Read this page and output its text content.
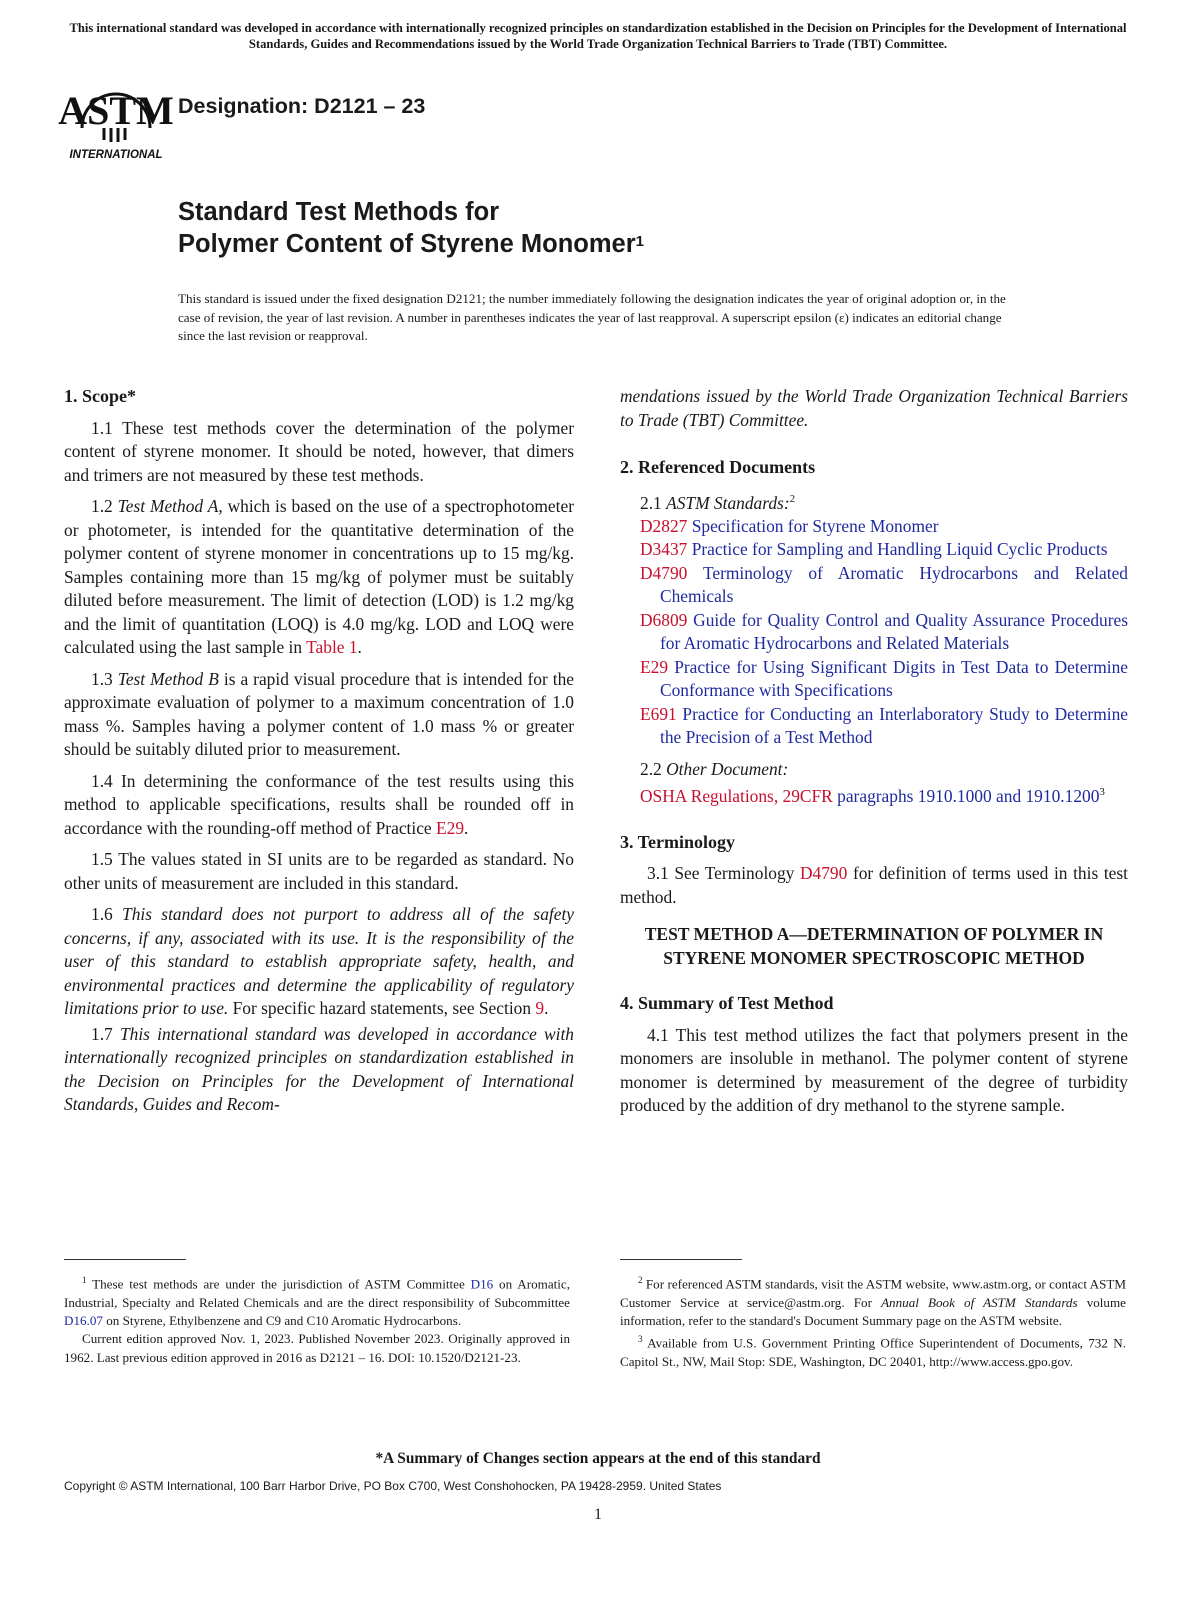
This international standard was developed in accordance with internationally recognized principles on standardization established in the Decision on Principles for the Development of International Standards, Guides and Recommendations issued by the World Trade Organization Technical Barriers to Trade (TBT) Committee.
ASTM
INTERNATIONAL
Designation: D2121 – 23
Standard Test Methods for
Polymer Content of Styrene Monomer$^1$
This standard is issued under the fixed designation D2121; the number immediately following the designation indicates the year of original adoption or, in the case of revision, the year of last revision. A number in parentheses indicates the year of last reapproval. A superscript epsilon (ε) indicates an editorial change since the last revision or reapproval.

1. Scope*

1.1 These test methods cover the determination of the polymer content of styrene monomer. It should be noted, however, that dimers and trimers are not measured by these test methods.

1.2 Test Method A, which is based on the use of a spectrophotometer or photometer, is intended for the quantitative determination of the polymer content of styrene monomer in concentrations up to 15 mg/kg. Samples containing more than 15 mg/kg of polymer must be suitably diluted before measurement. The limit of detection (LOD) is 1.2 mg/kg and the limit of quantitation (LOQ) is 4.0 mg/kg. LOD and LOQ were calculated using the last sample in Table 1.

1.3 Test Method B is a rapid visual procedure that is intended for the approximate evaluation of polymer to a maximum concentration of 1.0 mass %. Samples having a polymer content of 1.0 mass % or greater should be suitably diluted prior to measurement.

1.4 In determining the conformance of the test results using this method to applicable specifications, results shall be rounded off in accordance with the rounding-off method of Practice E29.

1.5 The values stated in SI units are to be regarded as standard. No other units of measurement are included in this standard.

1.6 This standard does not purport to address all of the safety concerns, if any, associated with its use. It is the responsibility of the user of this standard to establish appropriate safety, health, and environmental practices and determine the applicability of regulatory limitations prior to use. For specific hazard statements, see Section 9.

1.7 This international standard was developed in accordance with internationally recognized principles on standardization established in the Decision on Principles for the Development of International Standards, Guides and Recom-

mendations issued by the World Trade Organization Technical Barriers to Trade (TBT) Committee.

2. Referenced Documents

2.1 ASTM Standards:$^2$

D2827 Specification for Styrene Monomer

D3437 Practice for Sampling and Handling Liquid Cyclic Products

D4790 Terminology of Aromatic Hydrocarbons and Related Chemicals

D6809 Guide for Quality Control and Quality Assurance Procedures for Aromatic Hydrocarbons and Related Materials

E29 Practice for Using Significant Digits in Test Data to Determine Conformance with Specifications

E691 Practice for Conducting an Interlaboratory Study to Determine the Precision of a Test Method

2.2 Other Document:

OSHA Regulations, 29CFR paragraphs 1910.1000 and 1910.1200$^3$

3. Terminology

3.1 See Terminology D4790 for definition of terms used in this test method.

TEST METHOD A—DETERMINATION OF POLYMER IN STYRENE MONOMER SPECTROSCOPIC METHOD

4. Summary of Test Method

4.1 This test method utilizes the fact that polymers present in the monomers are insoluble in methanol. The polymer content of styrene monomer is determined by measurement of the degree of turbidity produced by the addition of dry methanol to the styrene sample.

$^1$ These test methods are under the jurisdiction of ASTM Committee D16 on Aromatic, Industrial, Specialty and Related Chemicals and are the direct responsibility of Subcommittee D16.07 on Styrene, Ethylbenzene and C9 and C10 Aromatic Hydrocarbons.

Current edition approved Nov. 1, 2023. Published November 2023. Originally approved in 1962. Last previous edition approved in 2016 as D2121 – 16. DOI: 10.1520/D2121-23.

$^2$ For referenced ASTM standards, visit the ASTM website, www.astm.org, or contact ASTM Customer Service at service@astm.org. For Annual Book of ASTM Standards volume information, refer to the standard's Document Summary page on the ASTM website.

$^3$ Available from U.S. Government Printing Office Superintendent of Documents, 732 N. Capitol St., NW, Mail Stop: SDE, Washington, DC 20401, http://www.access.gpo.gov.

*A Summary of Changes section appears at the end of this standard
Copyright © ASTM International, 100 Barr Harbor Drive, PO Box C700, West Conshohocken, PA 19428-2959. United States
1
